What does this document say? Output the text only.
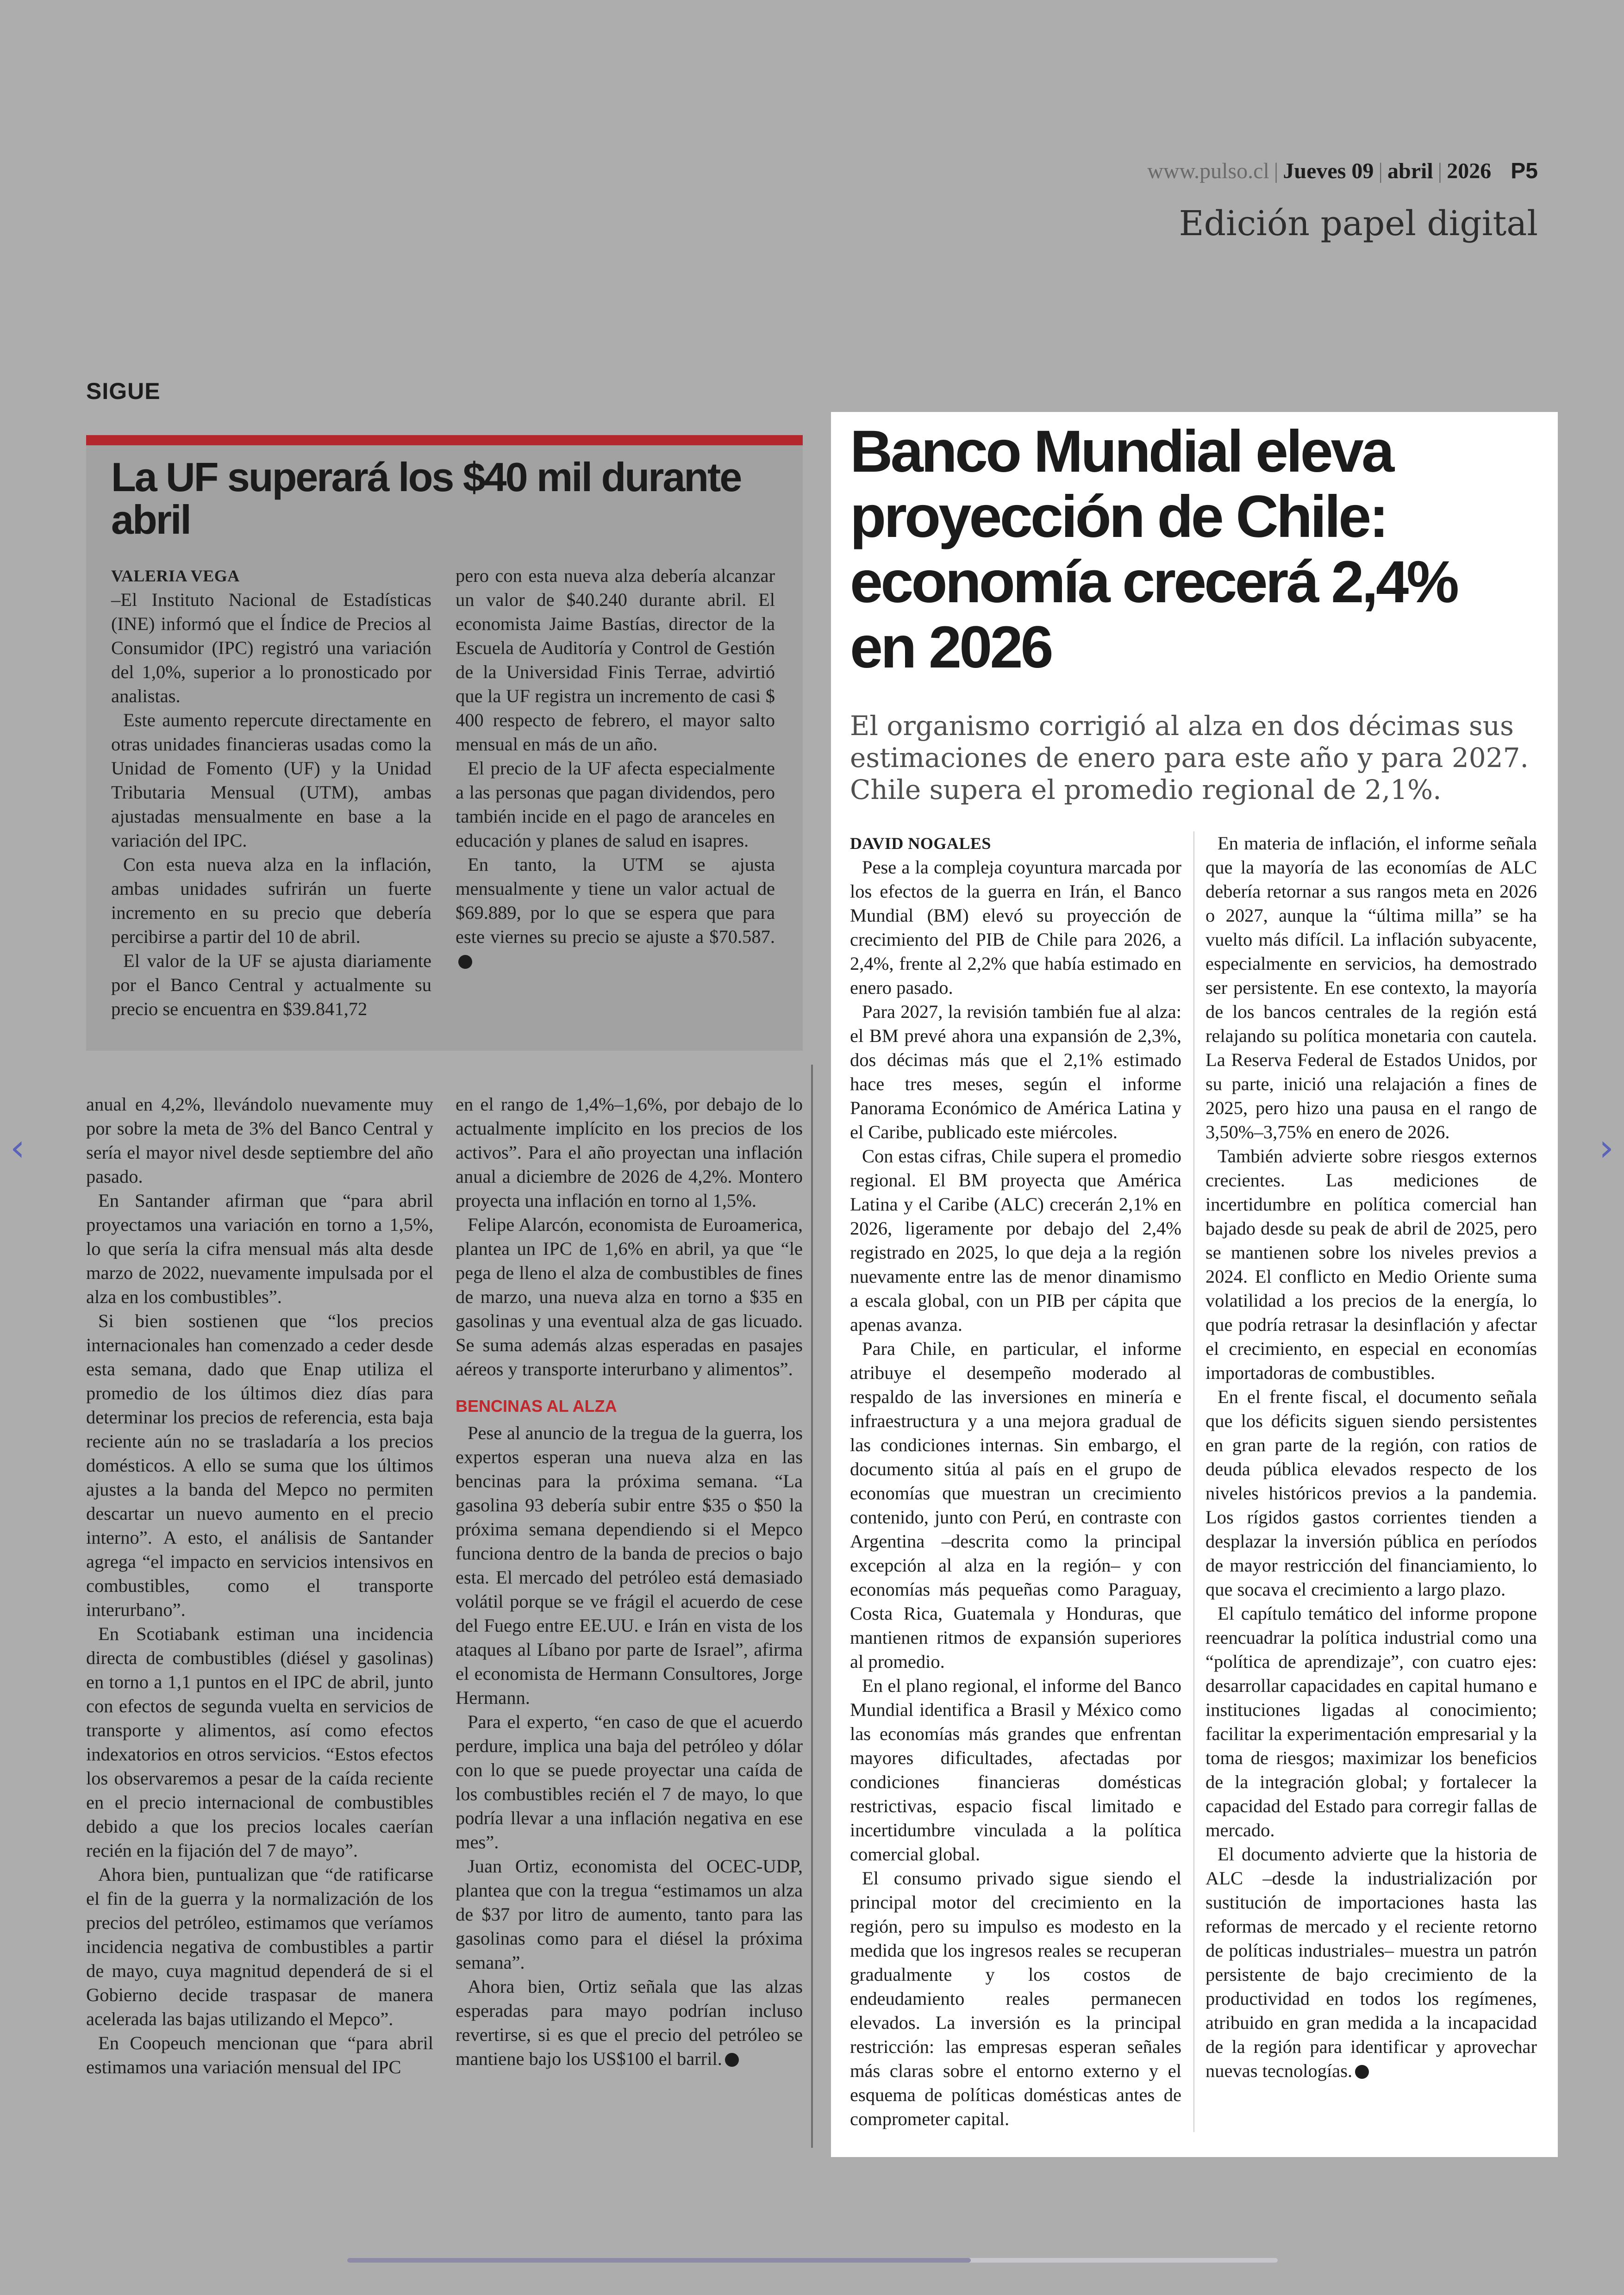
www.pulso.cl | Jueves 09 | abril | 2026 P5
Edición papel digital
SIGUE
La UF superará los $40 mil durante abril
VALERIA VEGA

–El Instituto Nacional de Estadísticas (INE) informó que el Índice de Precios al Consumidor (IPC) registró una variación del 1,0%, superior a lo pronosticado por analistas.

Este aumento repercute directamente en otras unidades financieras usadas como la Unidad de Fomento (UF) y la Unidad Tributaria Mensual (UTM), ambas ajustadas mensualmente en base a la variación del IPC.

Con esta nueva alza en la inflación, ambas unidades sufrirán un fuerte incremento en su precio que debería percibirse a partir del 10 de abril.

El valor de la UF se ajusta diariamente por el Banco Central y actualmente su precio se encuentra en $39.841,72

pero con esta nueva alza debería alcanzar un valor de $40.240 durante abril. El economista Jaime Bastías, director de la Escuela de Auditoría y Control de Gestión de la Universidad Finis Terrae, advirtió que la UF registra un incremento de casi $ 400 respecto de febrero, el mayor salto mensual en más de un año.

El precio de la UF afecta especialmente a las personas que pagan dividendos, pero también incide en el pago de aranceles en educación y planes de salud en isapres.

En tanto, la UTM se ajusta mensualmente y tiene un valor actual de $69.889, por lo que se espera que para este viernes su precio se ajuste a $70.587.

anual en 4,2%, llevándolo nuevamente muy por sobre la meta de 3% del Banco Central y sería el mayor nivel desde septiembre del año pasado.

En Santander afirman que “para abril proyectamos una variación en torno a 1,5%, lo que sería la cifra mensual más alta desde marzo de 2022, nuevamente impulsada por el alza en los combustibles”.

Si bien sostienen que “los precios internacionales han comenzado a ceder desde esta semana, dado que Enap utiliza el promedio de los últimos diez días para determinar los precios de referencia, esta baja reciente aún no se trasladaría a los precios domésticos. A ello se suma que los últimos ajustes a la banda del Mepco no permiten descartar un nuevo aumento en el precio interno”. A esto, el análisis de Santander agrega “el impacto en servicios intensivos en combustibles, como el transporte interurbano”.

En Scotiabank estiman una incidencia directa de combustibles (diésel y gasolinas) en torno a 1,1 puntos en el IPC de abril, junto con efectos de segunda vuelta en servicios de transporte y alimentos, así como efectos indexatorios en otros servicios. “Estos efectos los observaremos a pesar de la caída reciente en el precio internacional de combustibles debido a que los precios locales caerían recién en la fijación del 7 de mayo”.

Ahora bien, puntualizan que “de ratificarse el fin de la guerra y la normalización de los precios del petróleo, estimamos que veríamos incidencia negativa de combustibles a partir de mayo, cuya magnitud dependerá de si el Gobierno decide traspasar de manera acelerada las bajas utilizando el Mepco”.

En Coopeuch mencionan que “para abril estimamos una variación mensual del IPC

en el rango de 1,4%–1,6%, por debajo de lo actualmente implícito en los precios de los activos”. Para el año proyectan una inflación anual a diciembre de 2026 de 4,2%. Montero proyecta una inflación en torno al 1,5%.

Felipe Alarcón, economista de Euroamerica, plantea un IPC de 1,6% en abril, ya que “le pega de lleno el alza de combustibles de fines de marzo, una nueva alza en torno a $35 en gasolinas y una eventual alza de gas licuado. Se suma además alzas esperadas en pasajes aéreos y transporte interurbano y alimentos”.

BENCINAS AL ALZA

Pese al anuncio de la tregua de la guerra, los expertos esperan una nueva alza en las bencinas para la próxima semana. “La gasolina 93 debería subir entre $35 o $50 la próxima semana dependiendo si el Mepco funciona dentro de la banda de precios o bajo esta. El mercado del petróleo está demasiado volátil porque se ve frágil el acuerdo de cese del Fuego entre EE.UU. e Irán en vista de los ataques al Líbano por parte de Israel”, afirma el economista de Hermann Consultores, Jorge Hermann.

Para el experto, “en caso de que el acuerdo perdure, implica una baja del petróleo y dólar con lo que se puede proyectar una caída de los combustibles recién el 7 de mayo, lo que podría llevar a una inflación negativa en ese mes”.

Juan Ortiz, economista del OCEC-UDP, plantea que con la tregua “estimamos un alza de $37 por litro de aumento, tanto para las gasolinas como para el diésel la próxima semana”.

Ahora bien, Ortiz señala que las alzas esperadas para mayo podrían incluso revertirse, si es que el precio del petróleo se mantiene bajo los US$100 el barril.

Banco Mundial eleva proyección de Chile: economía crecerá 2,4% en 2026
El organismo corrigió al alza en dos décimas sus estimaciones de enero para este año y para 2027. Chile supera el promedio regional de 2,1%.
DAVID NOGALES

Pese a la compleja coyuntura marcada por los efectos de la guerra en Irán, el Banco Mundial (BM) elevó su proyección de crecimiento del PIB de Chile para 2026, a 2,4%, frente al 2,2% que había estimado en enero pasado.

Para 2027, la revisión también fue al alza: el BM prevé ahora una expansión de 2,3%, dos décimas más que el 2,1% estimado hace tres meses, según el informe Panorama Económico de América Latina y el Caribe, publicado este miércoles.

Con estas cifras, Chile supera el promedio regional. El BM proyecta que América Latina y el Caribe (ALC) crecerán 2,1% en 2026, ligeramente por debajo del 2,4% registrado en 2025, lo que deja a la región nuevamente entre las de menor dinamismo a escala global, con un PIB per cápita que apenas avanza.

Para Chile, en particular, el informe atribuye el desempeño moderado al respaldo de las inversiones en minería e infraestructura y a una mejora gradual de las condiciones internas. Sin embargo, el documento sitúa al país en el grupo de economías que muestran un crecimiento contenido, junto con Perú, en contraste con Argentina –descrita como la principal excepción al alza en la región– y con economías más pequeñas como Paraguay, Costa Rica, Guatemala y Honduras, que mantienen ritmos de expansión superiores al promedio.

En el plano regional, el informe del Banco Mundial identifica a Brasil y México como las economías más grandes que enfrentan mayores dificultades, afectadas por condiciones financieras domésticas restrictivas, espacio fiscal limitado e incertidumbre vinculada a la política comercial global.

El consumo privado sigue siendo el principal motor del crecimiento en la región, pero su impulso es modesto en la medida que los ingresos reales se recuperan gradualmente y los costos de endeudamiento reales permanecen elevados. La inversión es la principal restricción: las empresas esperan señales más claras sobre el entorno externo y el esquema de políticas domésticas antes de comprometer capital.

En materia de inflación, el informe señala que la mayoría de las economías de ALC debería retornar a sus rangos meta en 2026 o 2027, aunque la “última milla” se ha vuelto más difícil. La inflación subyacente, especialmente en servicios, ha demostrado ser persistente. En ese contexto, la mayoría de los bancos centrales de la región está relajando su política monetaria con cautela. La Reserva Federal de Estados Unidos, por su parte, inició una relajación a fines de 2025, pero hizo una pausa en el rango de 3,50%–3,75% en enero de 2026.

También advierte sobre riesgos externos crecientes. Las mediciones de incertidumbre en política comercial han bajado desde su peak de abril de 2025, pero se mantienen sobre los niveles previos a 2024. El conflicto en Medio Oriente suma volatilidad a los precios de la energía, lo que podría retrasar la desinflación y afectar el crecimiento, en especial en economías importadoras de combustibles.

En el frente fiscal, el documento señala que los déficits siguen siendo persistentes en gran parte de la región, con ratios de deuda pública elevados respecto de los niveles históricos previos a la pandemia. Los rígidos gastos corrientes tienden a desplazar la inversión pública en períodos de mayor restricción del financiamiento, lo que socava el crecimiento a largo plazo.

El capítulo temático del informe propone reencuadrar la política industrial como una “política de aprendizaje”, con cuatro ejes: desarrollar capacidades en capital humano e instituciones ligadas al conocimiento; facilitar la experimentación empresarial y la toma de riesgos; maximizar los beneficios de la integración global; y fortalecer la capacidad del Estado para corregir fallas de mercado.

El documento advierte que la historia de ALC –desde la industrialización por sustitución de importaciones hasta las reformas de mercado y el reciente retorno de políticas industriales– muestra un patrón persistente de bajo crecimiento de la productividad en todos los regímenes, atribuido en gran medida a la incapacidad de la región para identificar y aprovechar nuevas tecnologías.

‹	›
